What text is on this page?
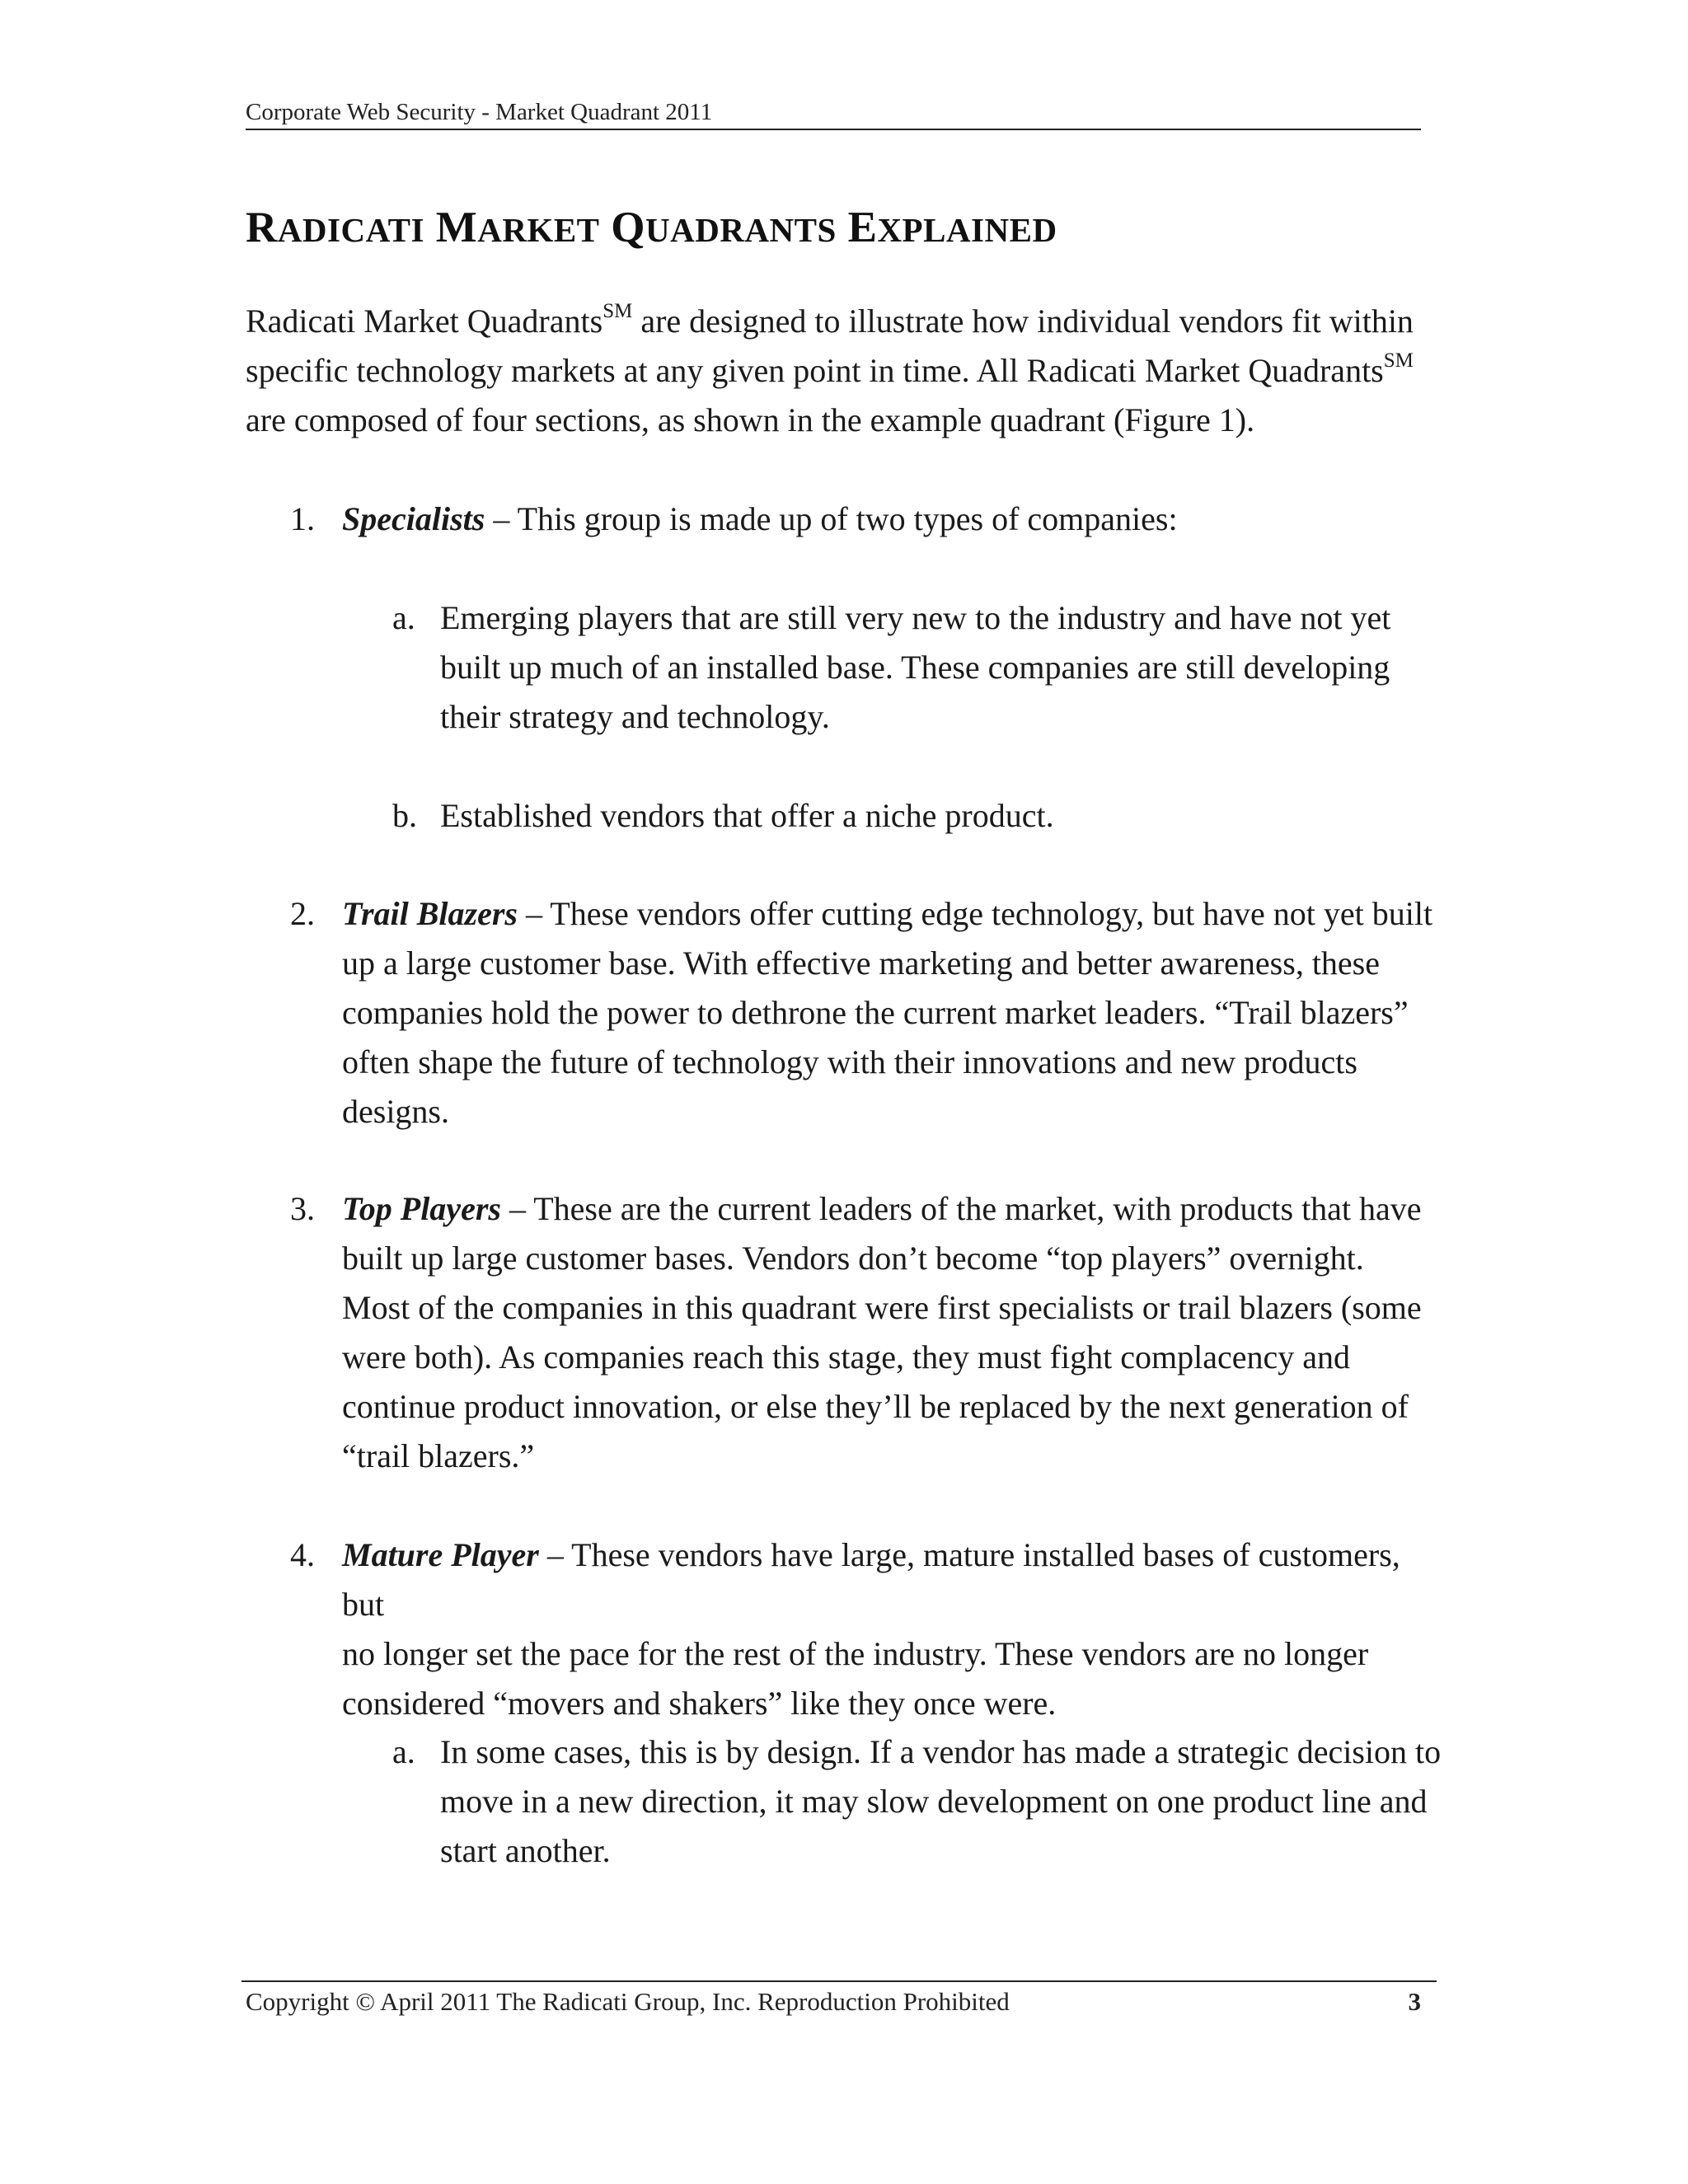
Corporate Web Security - Market Quadrant 2011
RADICATI MARKET QUADRANTS EXPLAINED

Radicati Market Quadrants℠ are designed to illustrate how individual vendors fit within

specific technology markets at any given point in time. All Radicati Market Quadrants℠

are composed of four sections, as shown in the example quadrant (Figure 1).

1. Specialists – This group is made up of two types of companies:

a. Emerging players that are still very new to the industry and have not yet

built up much of an installed base. These companies are still developing

their strategy and technology.

b. Established vendors that offer a niche product.

2. Trail Blazers – These vendors offer cutting edge technology, but have not yet built

up a large customer base. With effective marketing and better awareness, these

companies hold the power to dethrone the current market leaders. “Trail blazers”

often shape the future of technology with their innovations and new products

designs.

3. Top Players – These are the current leaders of the market, with products that have

built up large customer bases. Vendors don’t become “top players” overnight.

Most of the companies in this quadrant were first specialists or trail blazers (some

were both). As companies reach this stage, they must fight complacency and

continue product innovation, or else they’ll be replaced by the next generation of

“trail blazers.”

4. Mature Player – These vendors have large, mature installed bases of customers, but

no longer set the pace for the rest of the industry. These vendors are no longer

considered “movers and shakers” like they once were.

a. In some cases, this is by design. If a vendor has made a strategic decision to

move in a new direction, it may slow development on one product line and

start another.

Copyright © April 2011 The Radicati Group, Inc. Reproduction Prohibited	3
